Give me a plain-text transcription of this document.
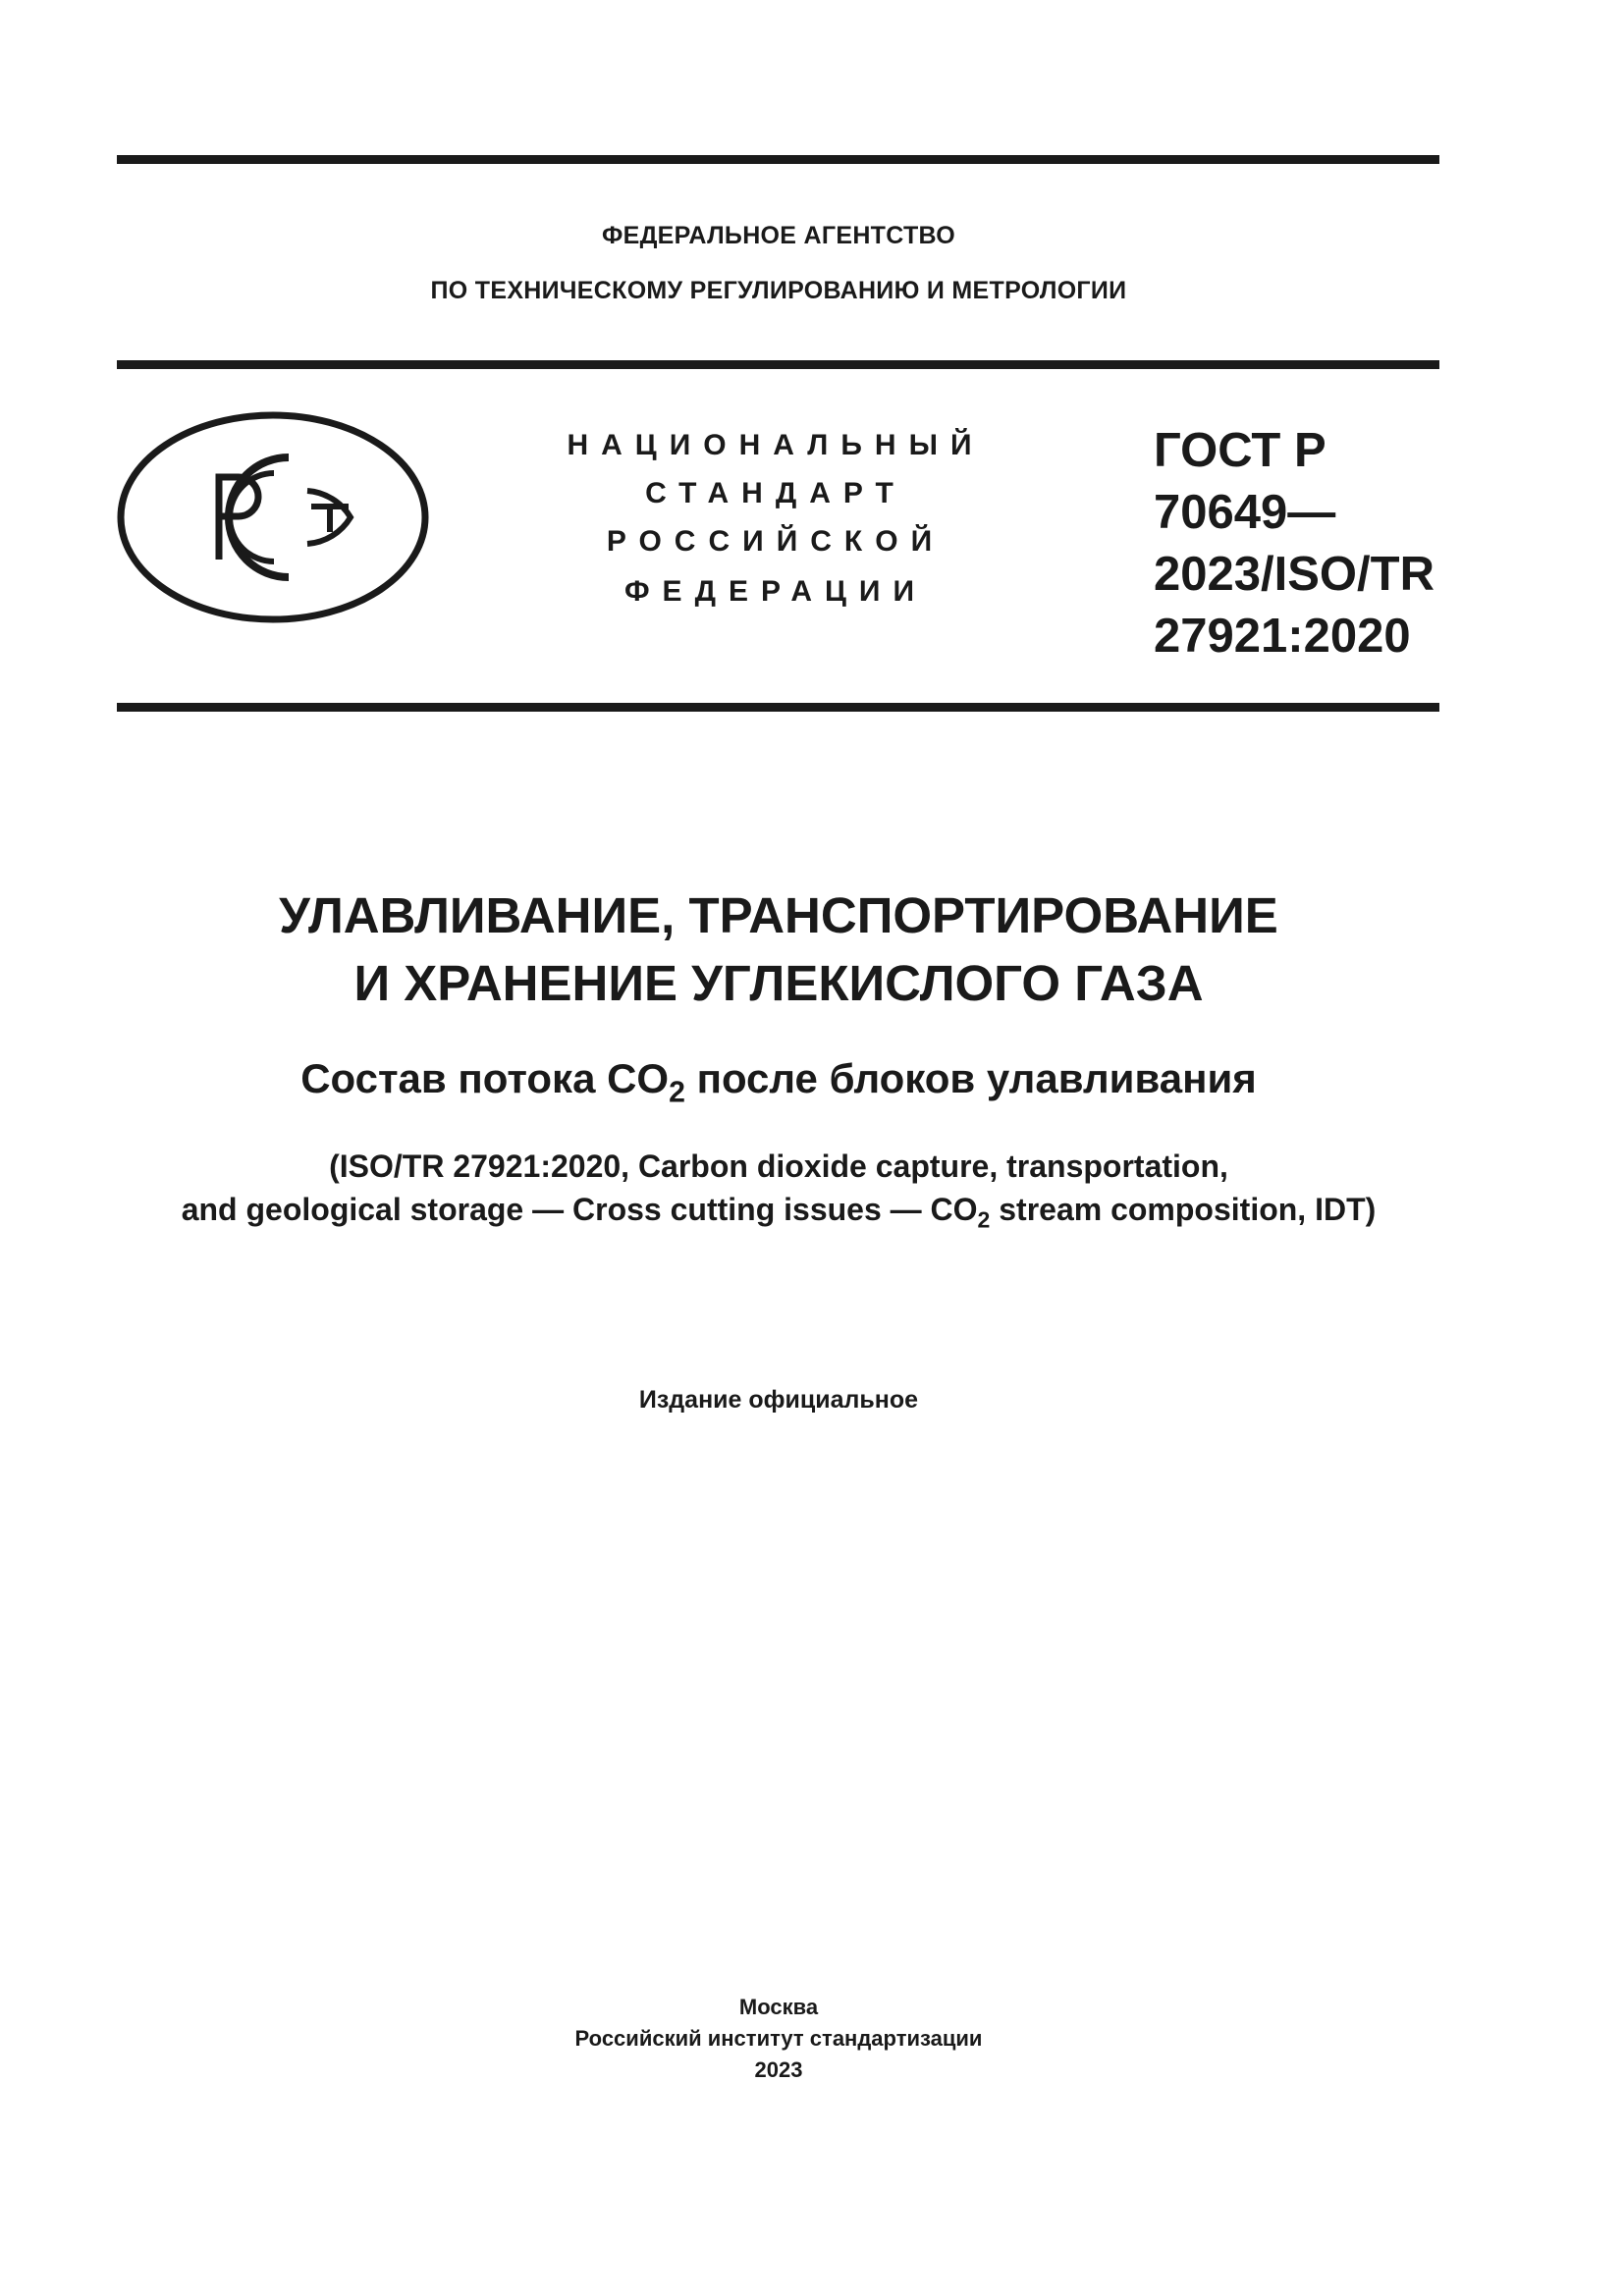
ФЕДЕРАЛЬНОЕ АГЕНТСТВО
ПО ТЕХНИЧЕСКОМУ РЕГУЛИРОВАНИЮ И МЕТРОЛОГИИ
НАЦИОНАЛЬНЫЙ
СТАНДАРТ
РОССИЙСКОЙ
ФЕДЕРАЦИИ
ГОСТ Р
70649—
2023/ISO/TR
27921:2020
УЛАВЛИВАНИЕ, ТРАНСПОРТИРОВАНИЕ
И ХРАНЕНИЕ УГЛЕКИСЛОГО ГАЗА
Состав потока $CO_2$ после блоков улавливания
(ISO/TR 27921:2020, Carbon dioxide capture, transportation,
and geological storage — Cross cutting issues — $CO_2$ stream composition, IDT)
Издание официальное
Москва
Российский институт стандартизации
2023
